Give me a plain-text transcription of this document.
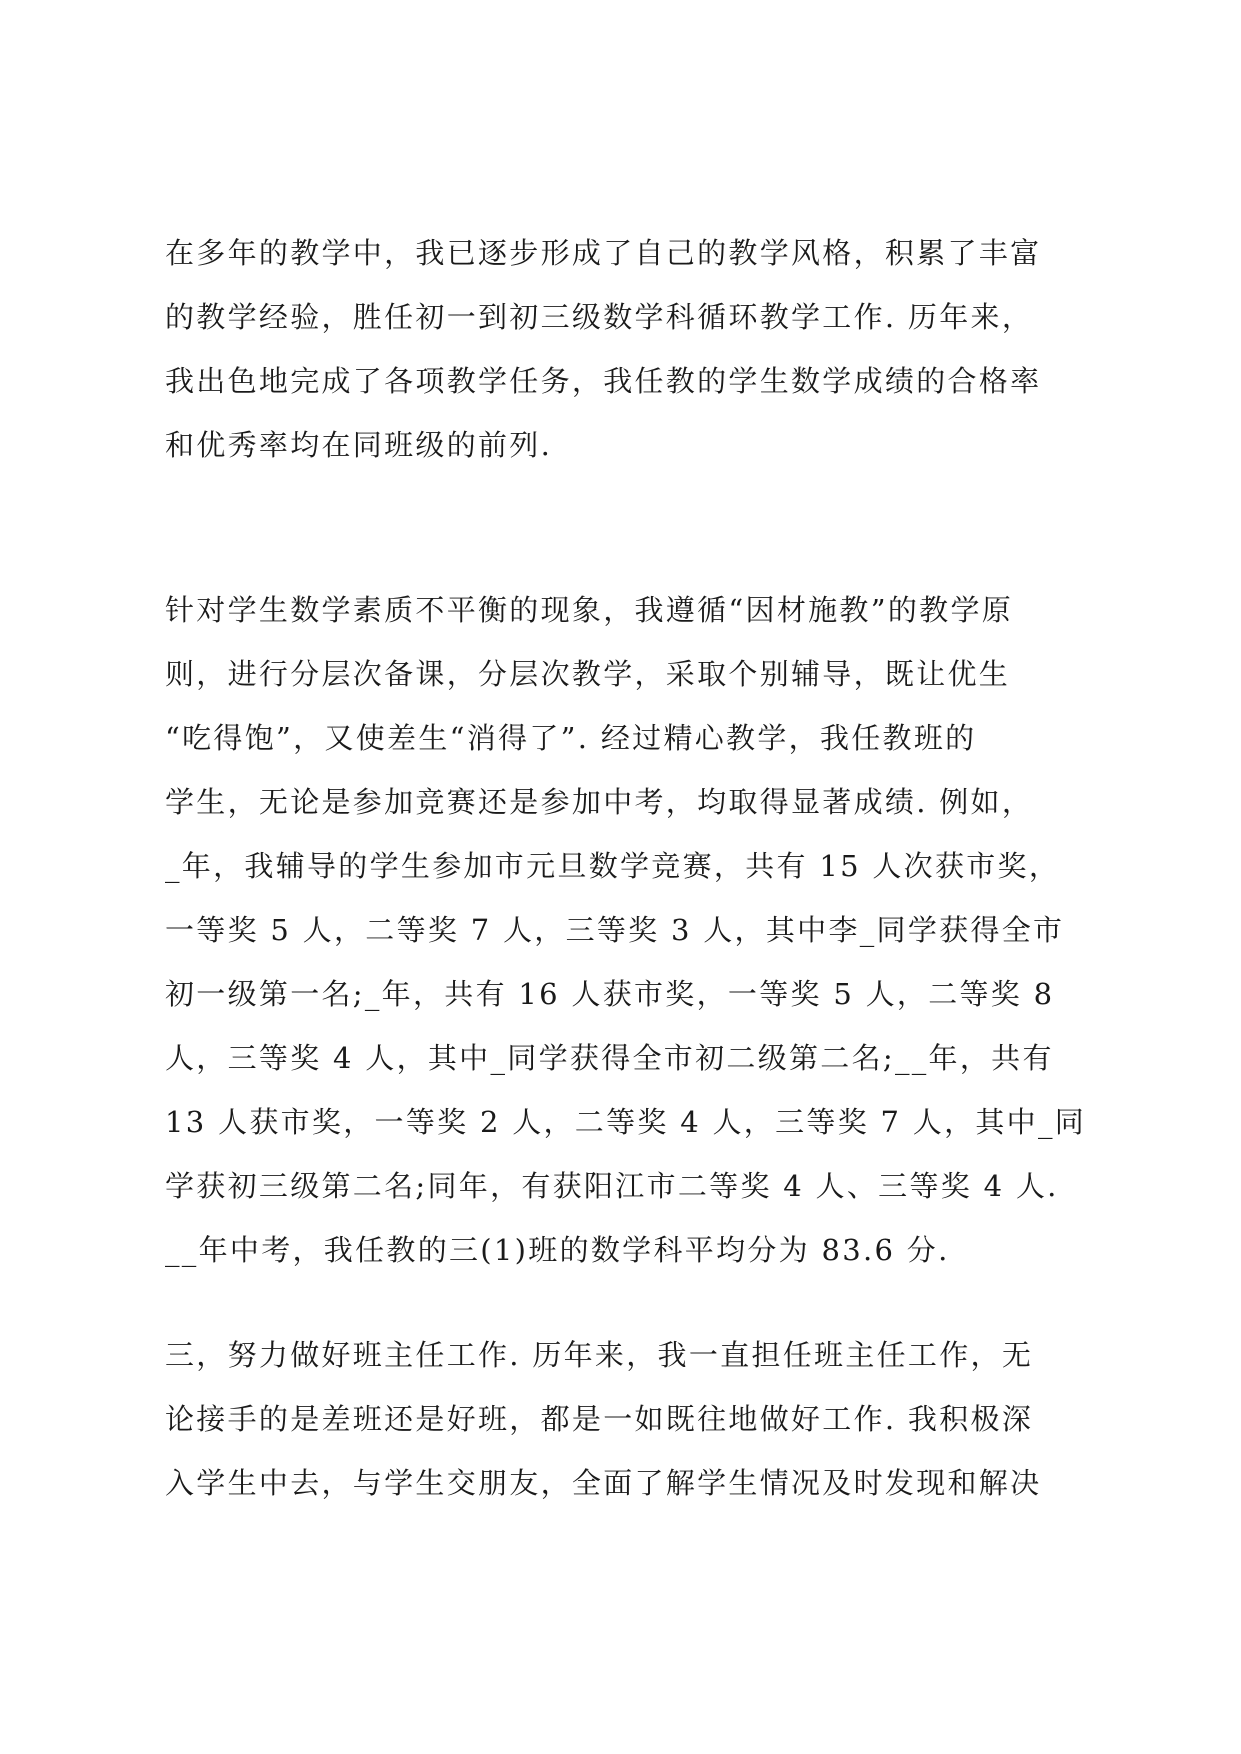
在多年的教学中，我已逐步形成了自己的教学风格，积累了丰富
的教学经验，胜任初一到初三级数学科循环教学工作. 历年来，
我出色地完成了各项教学任务，我任教的学生数学成绩的合格率
和优秀率均在同班级的前列.
针对学生数学素质不平衡的现象，我遵循“因材施教”的教学原
则，进行分层次备课，分层次教学，采取个别辅导，既让优生
“吃得饱”，又使差生“消得了”. 经过精心教学，我任教班的
学生，无论是参加竞赛还是参加中考，均取得显著成绩. 例如，
_年，我辅导的学生参加市元旦数学竞赛，共有 15 人次获市奖，
一等奖 5 人，二等奖 7 人，三等奖 3 人，其中李_同学获得全市
初一级第一名;_年，共有 16 人获市奖，一等奖 5 人，二等奖 8
人，三等奖 4 人，其中_同学获得全市初二级第二名;__年，共有
13 人获市奖，一等奖 2 人，二等奖 4 人，三等奖 7 人，其中_同
学获初三级第二名;同年，有获阳江市二等奖 4 人、三等奖 4 人.
__年中考，我任教的三(1)班的数学科平均分为 83.6 分.
三，努力做好班主任工作. 历年来，我一直担任班主任工作，无
论接手的是差班还是好班，都是一如既往地做好工作. 我积极深
入学生中去，与学生交朋友，全面了解学生情况及时发现和解决
